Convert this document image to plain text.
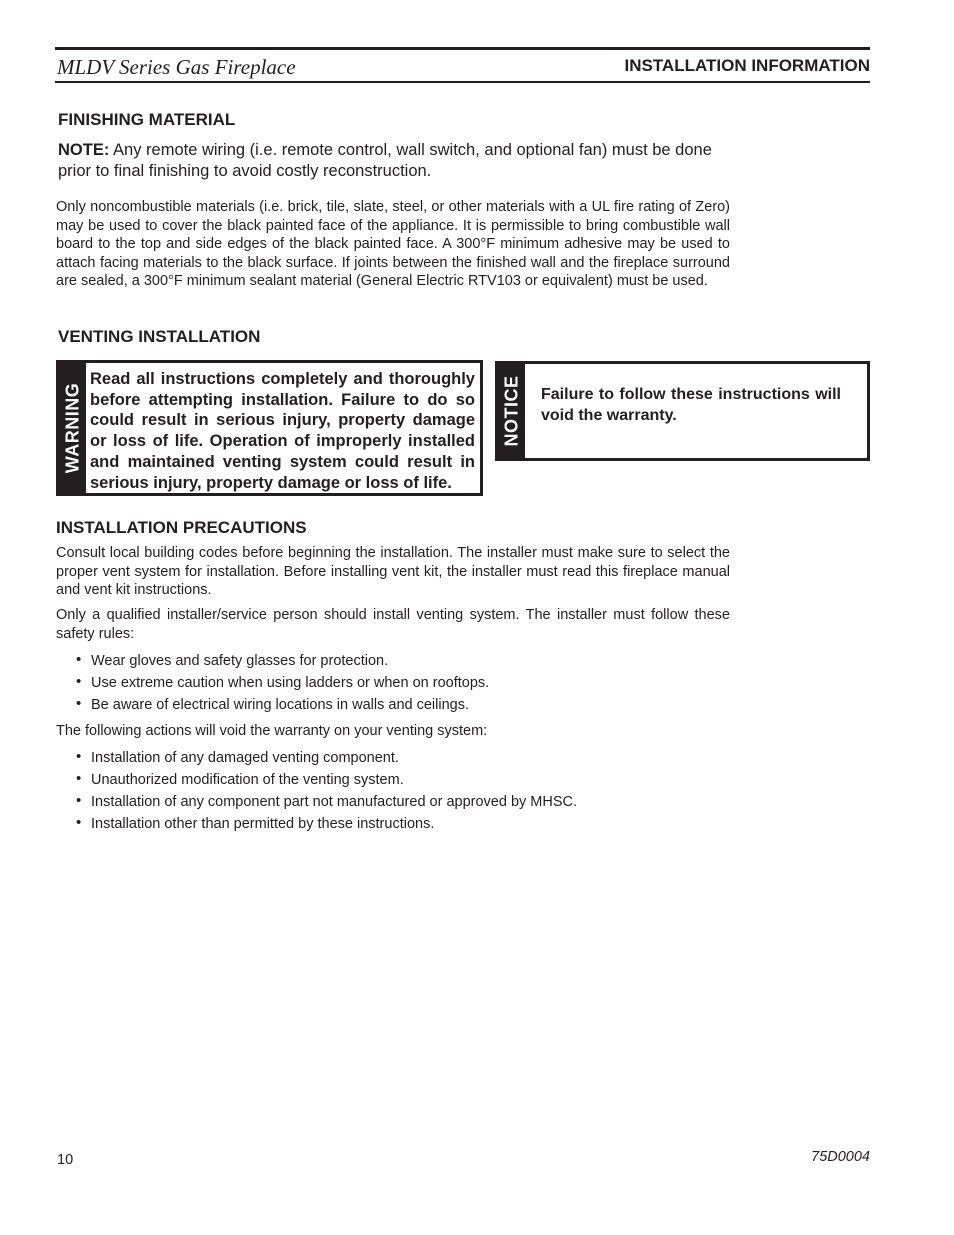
MLDV Series Gas Fireplace	INSTALLATION INFORMATION
FINISHING MATERIAL
NOTE: Any remote wiring (i.e. remote control, wall switch, and optional fan) must be done prior to final finishing to avoid costly reconstruction.
Only noncombustible materials (i.e. brick, tile, slate, steel, or other materials with a UL fire rating of Zero) may be used to cover the black painted face of the appliance. It is permissible to bring combustible wall board to the top and side edges of the black painted face. A 300°F minimum adhesive may be used to attach facing materials to the black surface. If joints between the finished wall and the fireplace surround are sealed, a 300°F minimum sealant material (General Electric RTV103 or equivalent) must be used.
VENTING INSTALLATION
WARNING
Read all instructions completely and thoroughly before attempting installation. Failure to do so could result in serious injury, property damage or loss of life. Operation of improperly installed and maintained venting system could result in serious injury, property damage or loss of life.
NOTICE Failure to follow these instructions will void the warranty.
INSTALLATION PRECAUTIONS
Consult local building codes before beginning the installation. The installer must make sure to select the proper vent system for installation. Before installing vent kit, the installer must read this fireplace manual and vent kit instructions.
Only a qualified installer/service person should install venting system. The installer must follow these safety rules:
• Wear gloves and safety glasses for protection.
• Use extreme caution when using ladders or when on rooftops.
• Be aware of electrical wiring locations in walls and ceilings.
The following actions will void the warranty on your venting system:
• Installation of any damaged venting component.
• Unauthorized modification of the venting system.
• Installation of any component part not manufactured or approved by MHSC.
• Installation other than permitted by these instructions.
10	75D0004
